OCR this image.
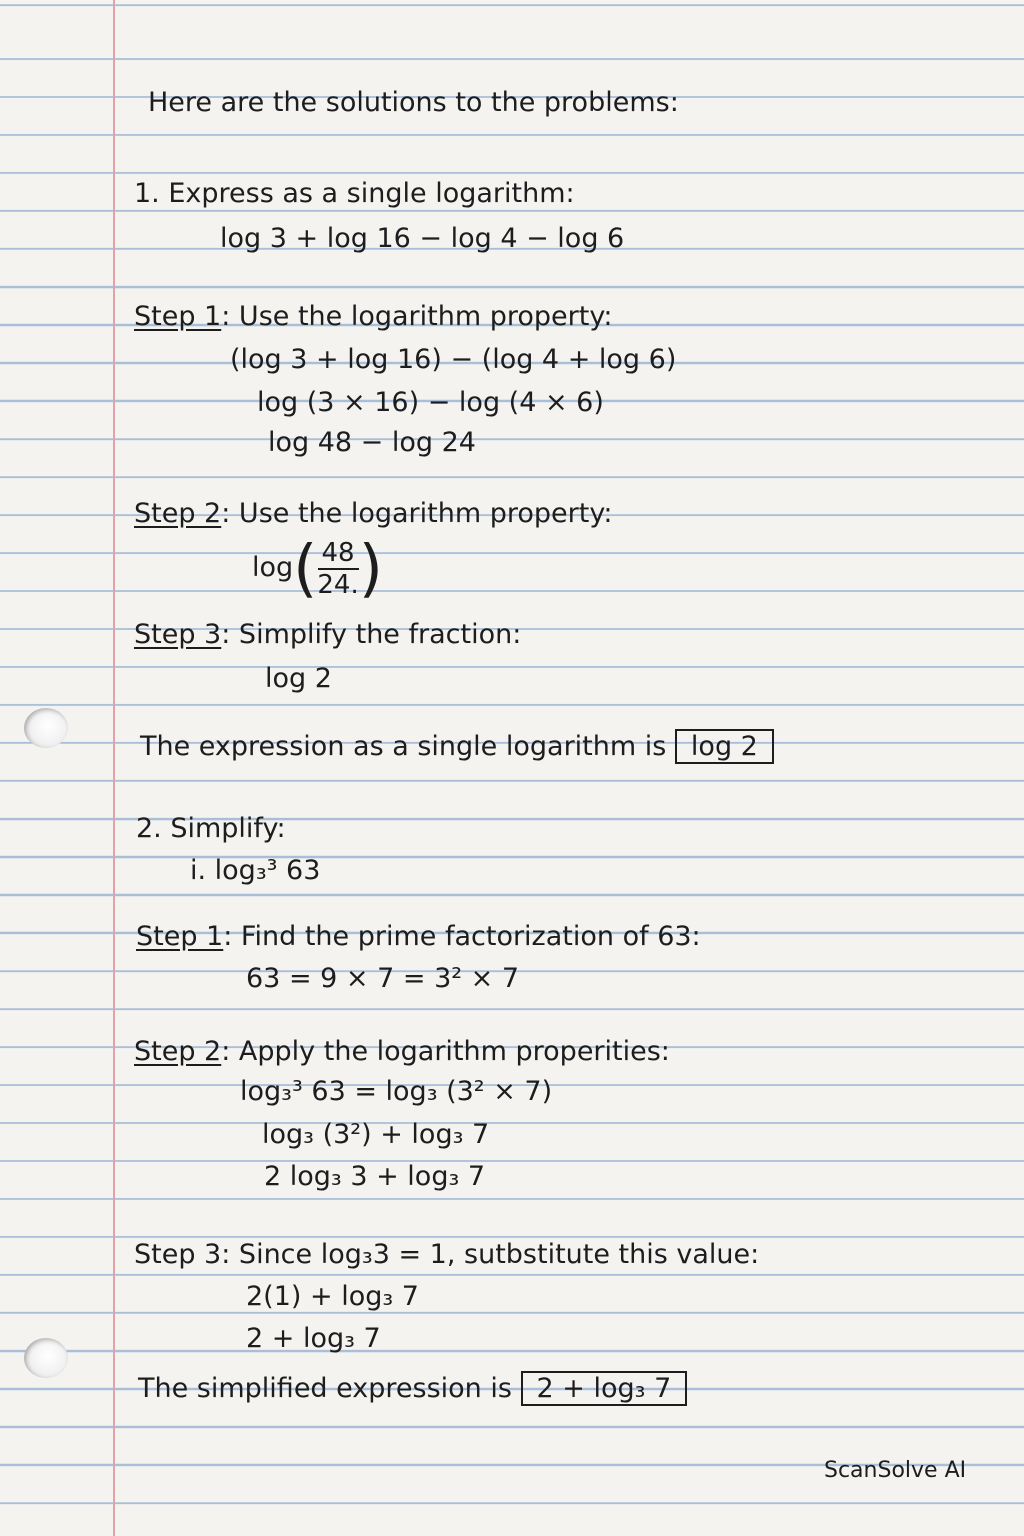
Here are the solutions to the problems:
1. Express as a single logarithm:
log 3 + log 16 − log 4 − log 6
Step 1: Use the logarithm property:
(log 3 + log 16) − (log 4 + log 6)
log (3 × 16) − log (4 × 6)
log 48 − log 24
Step 2: Use the logarithm property:
$\log( \frac{48}{24.}$ )
Step 3: Simplify the fraction:
log 2
The expression as a single logarithm is log 2
2. Simplify:
i. log₃³ 63
Step 1: Find the prime factorization of 63:
63 = 9 × 7 = 3² × 7
Step 2: Apply the logarithm properities:
log₃³ 63 = log₃ (3² × 7)
log₃ (3²) + log₃ 7
2 log₃ 3 + log₃ 7
Step 3: Since log₃3 = 1, sutbstitute this value:
2(1) + log₃ 7
2 + log₃ 7
The simplified expression is 2 + log₃ 7
ScanSolve AI
